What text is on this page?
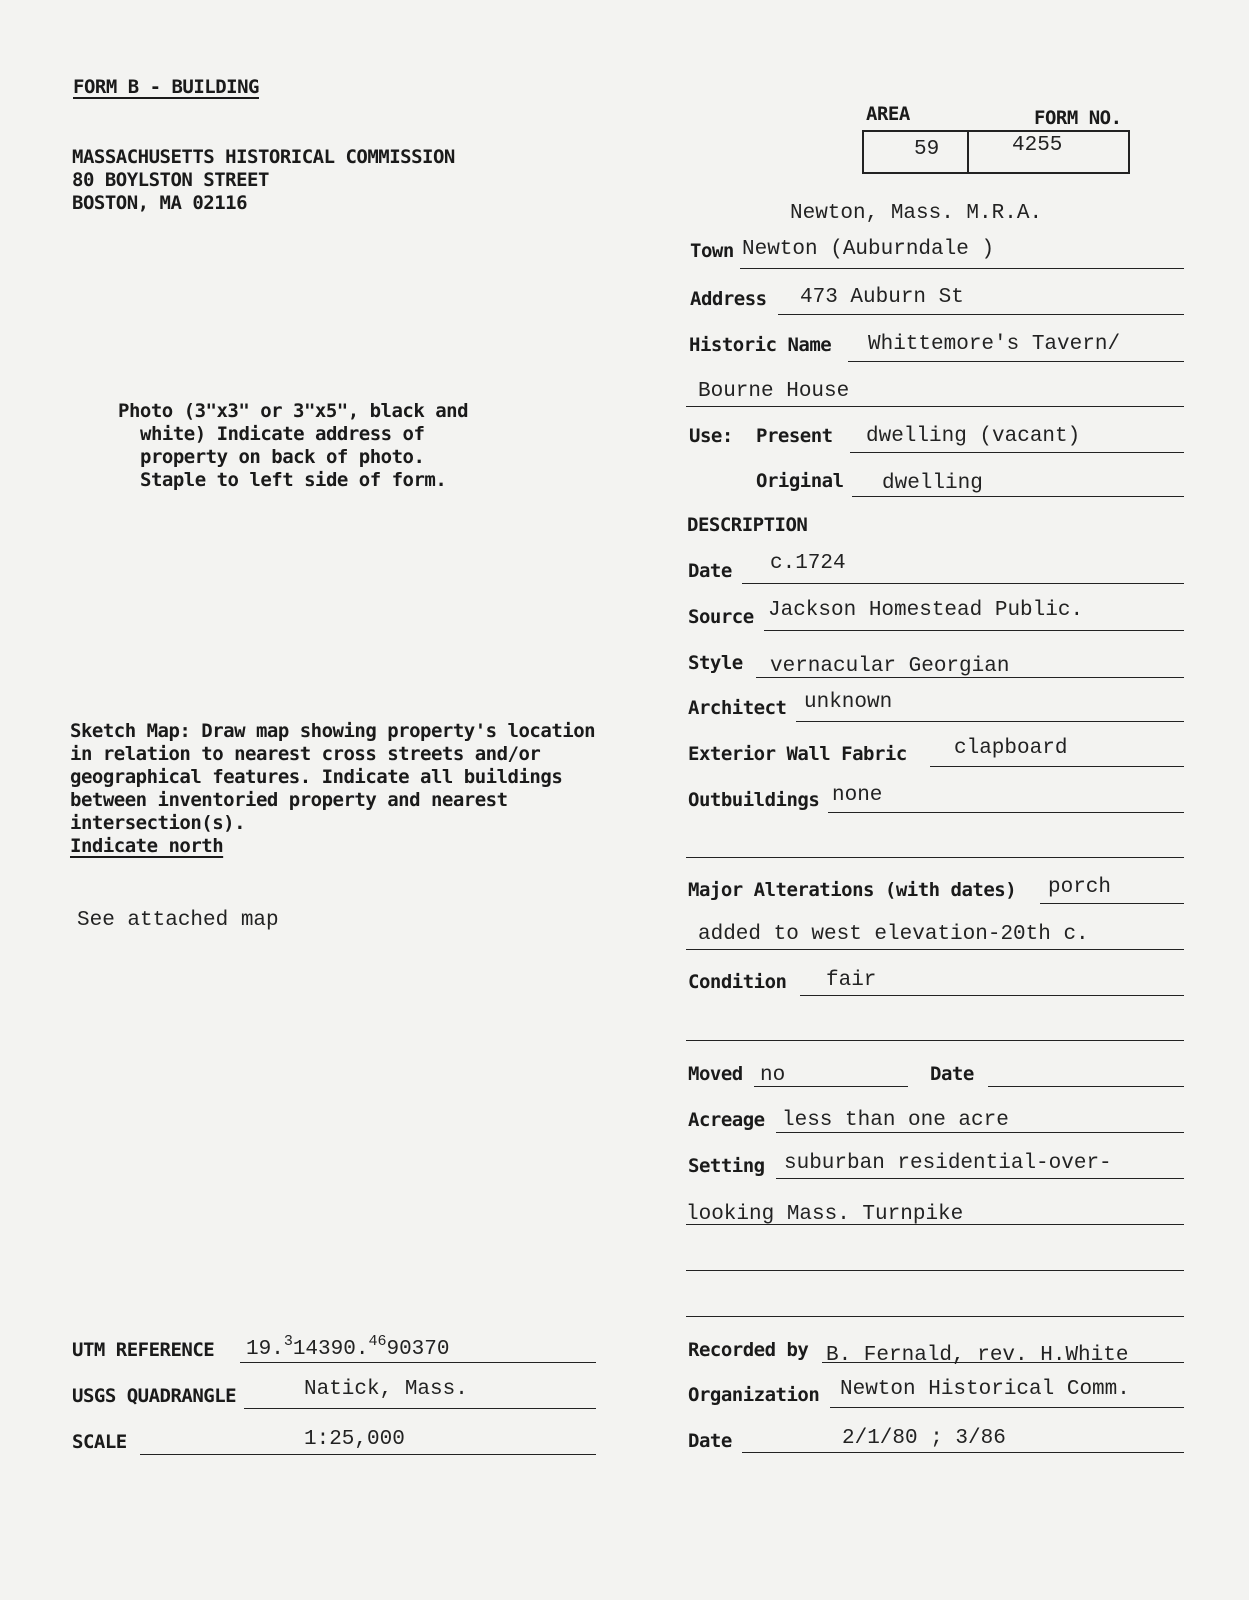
FORM B - BUILDING
MASSACHUSETTS HISTORICAL COMMISSION
80 BOYLSTON STREET
BOSTON, MA 02116
AREA	FORM NO.
59	4255
Newton, Mass. M.R.A.
Photo (3"x3" or 3"x5", black and
white) Indicate address of
property on back of photo.
Staple to left side of form.
Sketch Map: Draw map showing property's location
in relation to nearest cross streets and/or
geographical features. Indicate all buildings
between inventoried property and nearest
intersection(s).
Indicate north
See attached map
Town Newton (Auburndale )
Address 473 Auburn St
Historic Name Whittemore's Tavern/
Bourne House
Use: Present dwelling (vacant)
Original dwelling
DESCRIPTION
Date c.1724
Source Jackson Homestead Public.
Style vernacular Georgian
Architect unknown
Exterior Wall Fabric clapboard
Outbuildings none
Major Alterations (with dates) porch
added to west elevation-20th c.
Condition fair
Moved no	Date
Acreage less than one acre
Setting suburban residential-over-
looking Mass. Turnpike
Recorded by B. Fernald, rev. H.White
Organization Newton Historical Comm.
Date	2/1/80 ; 3/86
UTM REFERENCE 19.$^3$14390.4690370
USGS QUADRANGLE	Natick, Mass.
SCALE	1:25,000
